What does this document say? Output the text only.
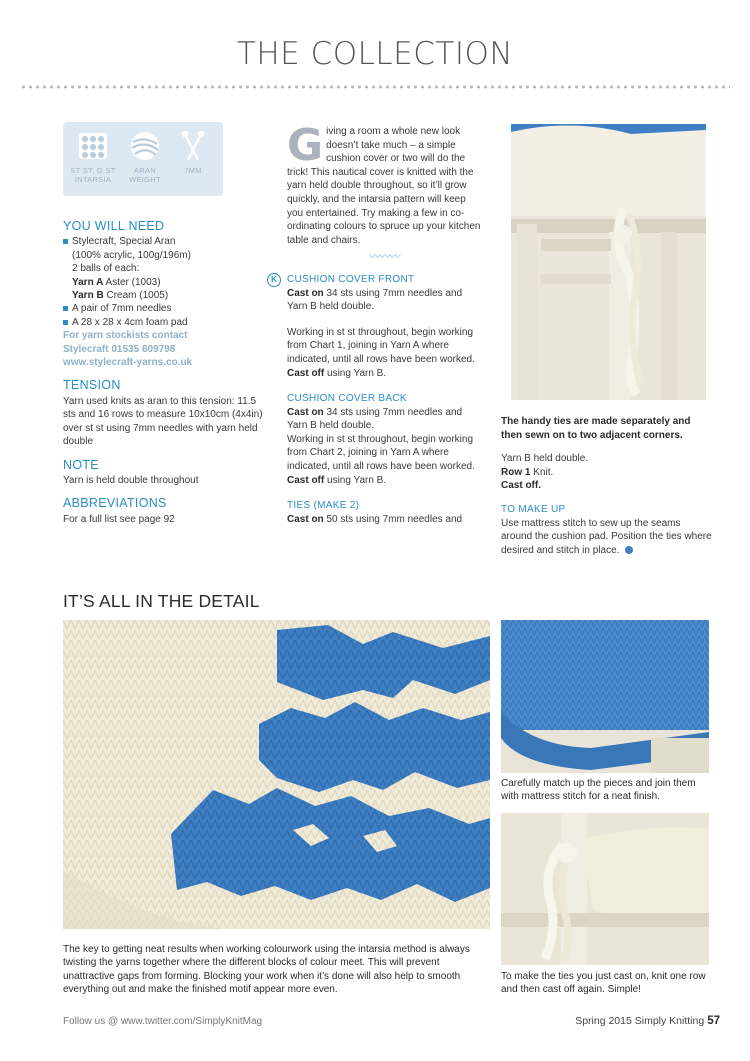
THE COLLECTION
ST ST, G ST INTARSIA
ARAN WEIGHT
7MM
YOU WILL NEED
Stylecraft, Special Aran
(100% acrylic, 100g/196m)
2 balls of each:
Yarn A Aster (1003)
Yarn B Cream (1005)
A pair of 7mm needles
A 28 x 28 x 4cm foam pad
For yarn stockists contact
Stylecraft 01535 609798
www.stylecraft-yarns.co.uk
TENSION
Yarn used knits as aran to this tension: 11.5 sts and 16 rows to measure 10x10cm (4x4in) over st st using 7mm needles with yarn held double
NOTE
Yarn is held double throughout
ABBREVIATIONS
For a full list see page 92
Giving a room a whole new look doesn’t take much – a simple cushion cover or two will do the trick! This nautical cover is knitted with the yarn held double throughout, so it’ll grow quickly, and the intarsia pattern will keep you entertained. Try making a few in co-ordinating colours to spruce up your kitchen table and chairs.
〰〰〰
K	CUSHION COVER FRONT
Cast on 34 sts using 7mm needles and Yarn B held double.
Working in st st throughout, begin working from Chart 1, joining in Yarn A where indicated, until all rows have been worked.
Cast off using Yarn B.
CUSHION COVER BACK
Cast on 34 sts using 7mm needles and Yarn B held double.
Working in st st throughout, begin working from Chart 2, joining in Yarn A where indicated, until all rows have been worked.
Cast off using Yarn B.
TIES (MAKE 2)
Cast on 50 sts using 7mm needles and
The handy ties are made separately and then sewn on to two adjacent corners.
Yarn B held double.
Row 1 Knit.
Cast off.
TO MAKE UP
Use mattress stitch to sew up the seams around the cushion pad. Position the ties where desired and stitch in place.
IT’S ALL IN THE DETAIL
Carefully match up the pieces and join them with mattress stitch for a neat finish.
To make the ties you just cast on, knit one row and then cast off again. Simple!
The key to getting neat results when working colourwork using the intarsia method is always twisting the yarns together where the different blocks of colour meet. This will prevent unattractive gaps from forming. Blocking your work when it’s done will also help to smooth everything out and make the finished motif appear more even.
Follow us @ www.twitter.com/SimplyKnitMag	Spring 2015 Simply Knitting 57
